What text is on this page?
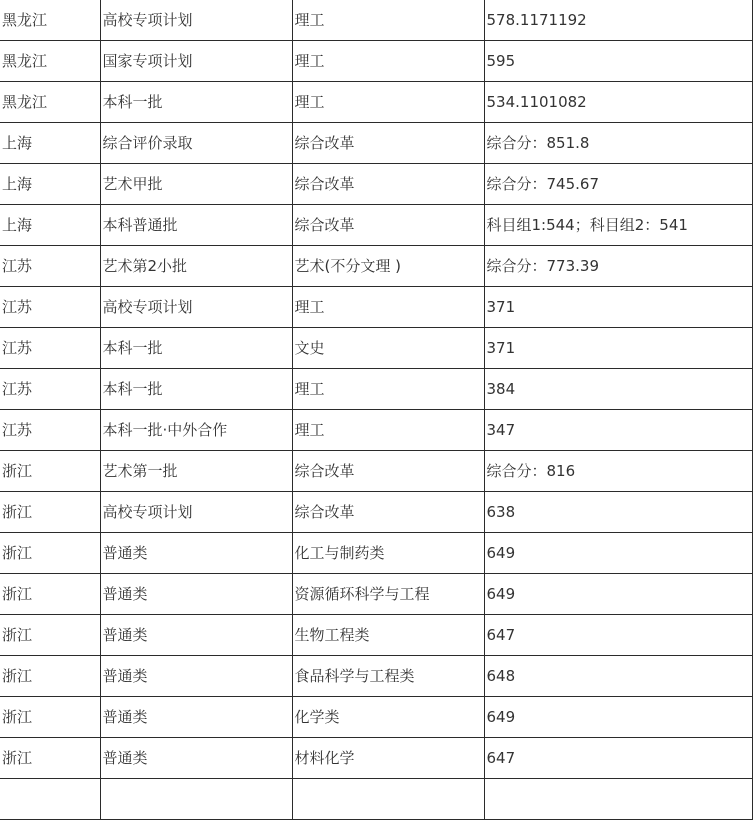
黑龙江	高校专项计划	理工	578.1171192
黑龙江	国家专项计划	理工	595
黑龙江	本科一批	理工	534.1101082
上海	综合评价录取	综合改革	综合分：851.8
上海	艺术甲批	综合改革	综合分：745.67
上海	本科普通批	综合改革	科目组1:544；科目组2：541
江苏	艺术第2小批	艺术(不分文理 )	综合分：773.39
江苏	高校专项计划	理工	371
江苏	本科一批	文史	371
江苏	本科一批	理工	384
江苏	本科一批·中外合作	理工	347
浙江	艺术第一批	综合改革	综合分：816
浙江	高校专项计划	综合改革	638
浙江	普通类	化工与制药类	649
浙江	普通类	资源循环科学与工程	649
浙江	普通类	生物工程类	647
浙江	普通类	食品科学与工程类	648
浙江	普通类	化学类	649
浙江	普通类	材料化学	647
